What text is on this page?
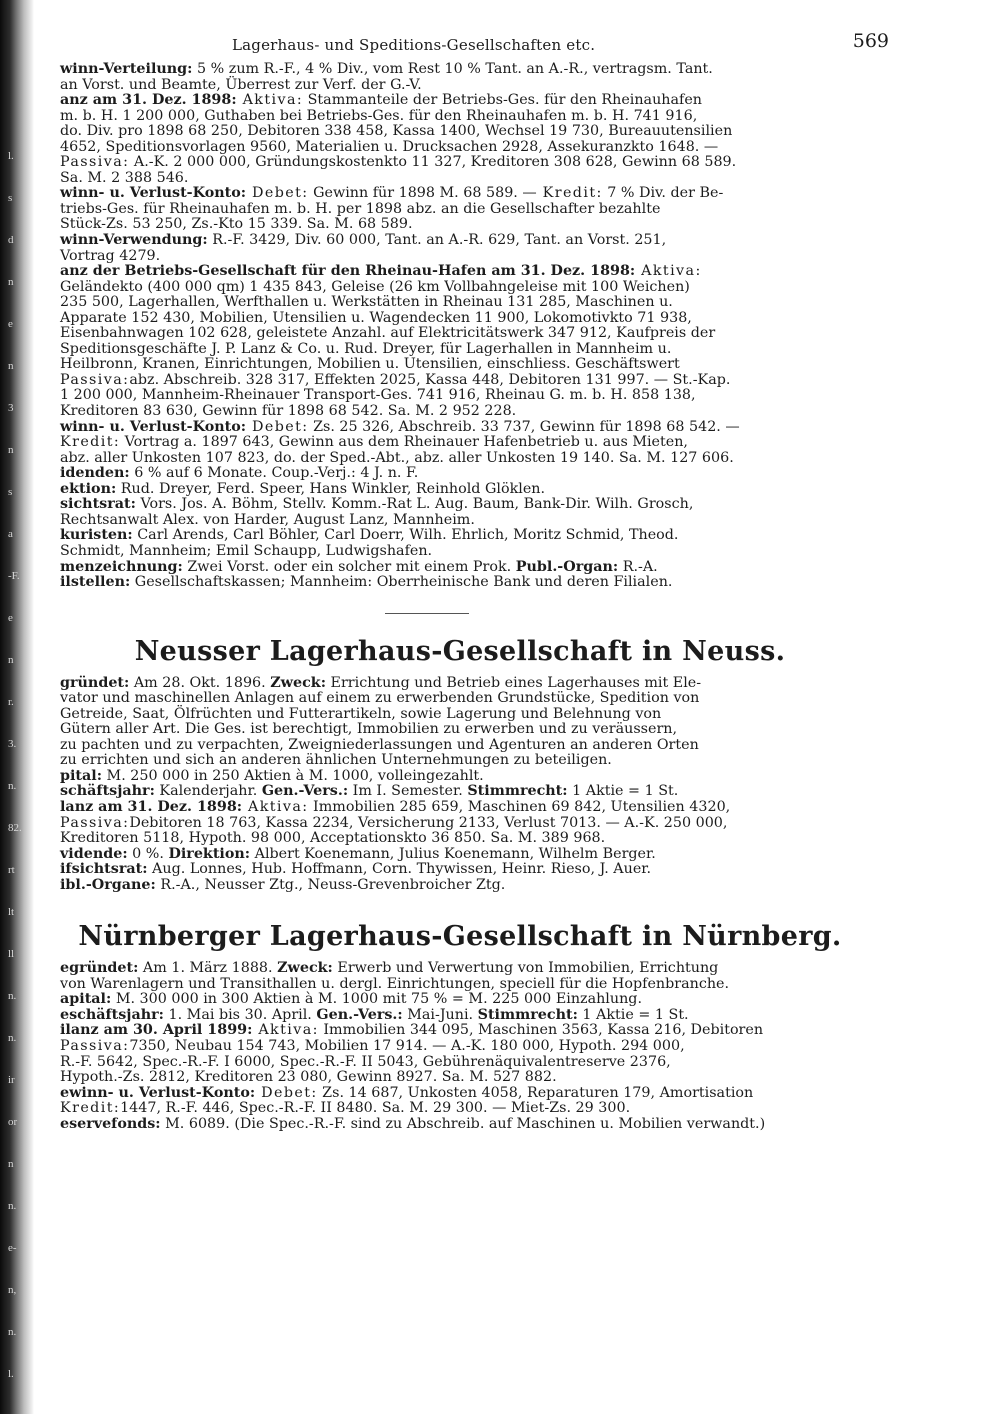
l.
s
d
n
e
n
3
n
s
a
-F.
e
n
r.
3.
n.
82.
rt
lt
ll
n.
n.
ir
or
n
n.
e-
n,
n.
l.
Lagerhaus- und Speditions-Gesellschaften etc.	569
winn-Verteilung: 5 % zum R.-F., 4 % Div., vom Rest 10 % Tant. an A.-R., vertragsm. Tant.
an Vorst. und Beamte, Überrest zur Verf. der G.-V.
anz am 31. Dez. 1898: Aktiva: Stammanteile der Betriebs-Ges. für den Rheinauhafen
m. b. H. 1 200 000, Guthaben bei Betriebs-Ges. für den Rheinauhafen m. b. H. 741 916,
do. Div. pro 1898 68 250, Debitoren 338 458, Kassa 1400, Wechsel 19 730, Bureauutensilien
4652, Speditionsvorlagen 9560, Materialien u. Drucksachen 2928, Assekuranzkto 1648. —
Passiva: A.-K. 2 000 000, Gründungskostenkto 11 327, Kreditoren 308 628, Gewinn 68 589.
Sa. M. 2 388 546.
winn- u. Verlust-Konto: Debet: Gewinn für 1898 M. 68 589. — Kredit: 7 % Div. der Be-
triebs-Ges. für Rheinauhafen m. b. H. per 1898 abz. an die Gesellschafter bezahlte
Stück-Zs. 53 250, Zs.-Kto 15 339. Sa. M. 68 589.
winn-Verwendung: R.-F. 3429, Div. 60 000, Tant. an A.-R. 629, Tant. an Vorst. 251,
Vortrag 4279.
anz der Betriebs-Gesellschaft für den Rheinau-Hafen am 31. Dez. 1898: Aktiva:
Geländekto (400 000 qm) 1 435 843, Geleise (26 km Vollbahngeleise mit 100 Weichen)
235 500, Lagerhallen, Werfthallen u. Werkstätten in Rheinau 131 285, Maschinen u.
Apparate 152 430, Mobilien, Utensilien u. Wagendecken 11 900, Lokomotivkto 71 938,
Eisenbahnwagen 102 628, geleistete Anzahl. auf Elektricitätswerk 347 912, Kaufpreis der
Speditionsgeschäfte J. P. Lanz & Co. u. Rud. Dreyer, für Lagerhallen in Mannheim u.
Heilbronn, Kranen, Einrichtungen, Mobilien u. Utensilien, einschliess. Geschäftswert
Passiva:abz. Abschreib. 328 317, Effekten 2025, Kassa 448, Debitoren 131 997. — St.-Kap.
1 200 000, Mannheim-Rheinauer Transport-Ges. 741 916, Rheinau G. m. b. H. 858 138,
Kreditoren 83 630, Gewinn für 1898 68 542. Sa. M. 2 952 228.
winn- u. Verlust-Konto: Debet: Zs. 25 326, Abschreib. 33 737, Gewinn für 1898 68 542. —
Kredit: Vortrag a. 1897 643, Gewinn aus dem Rheinauer Hafenbetrieb u. aus Mieten,
abz. aller Unkosten 107 823, do. der Sped.-Abt., abz. aller Unkosten 19 140. Sa. M. 127 606.
idenden: 6 % auf 6 Monate. Coup.-Verj.: 4 J. n. F.
ektion: Rud. Dreyer, Ferd. Speer, Hans Winkler, Reinhold Glöklen.
sichtsrat: Vors. Jos. A. Böhm, Stellv. Komm.-Rat L. Aug. Baum, Bank-Dir. Wilh. Grosch,
Rechtsanwalt Alex. von Harder, August Lanz, Mannheim.
kuristen: Carl Arends, Carl Böhler, Carl Doerr, Wilh. Ehrlich, Moritz Schmid, Theod.
Schmidt, Mannheim; Emil Schaupp, Ludwigshafen.
menzeichnung: Zwei Vorst. oder ein solcher mit einem Prok. Publ.-Organ: R.-A.
ilstellen: Gesellschaftskassen; Mannheim: Oberrheinische Bank und deren Filialen.
Neusser Lagerhaus-Gesellschaft in Neuss.
gründet: Am 28. Okt. 1896. Zweck: Errichtung und Betrieb eines Lagerhauses mit Ele-
vator und maschinellen Anlagen auf einem zu erwerbenden Grundstücke, Spedition von
Getreide, Saat, Ölfrüchten und Futterartikeln, sowie Lagerung und Belehnung von
Gütern aller Art. Die Ges. ist berechtigt, Immobilien zu erwerben und zu veräussern,
zu pachten und zu verpachten, Zweigniederlassungen und Agenturen an anderen Orten
zu errichten und sich an anderen ähnlichen Unternehmungen zu beteiligen.
pital: M. 250 000 in 250 Aktien à M. 1000, volleingezahlt.
schäftsjahr: Kalenderjahr. Gen.-Vers.: Im I. Semester. Stimmrecht: 1 Aktie = 1 St.
lanz am 31. Dez. 1898: Aktiva: Immobilien 285 659, Maschinen 69 842, Utensilien 4320,
Passiva:Debitoren 18 763, Kassa 2234, Versicherung 2133, Verlust 7013. — A.-K. 250 000,
Kreditoren 5118, Hypoth. 98 000, Acceptationskto 36 850. Sa. M. 389 968.
vidende: 0 %. Direktion: Albert Koenemann, Julius Koenemann, Wilhelm Berger.
ifsichtsrat: Aug. Lonnes, Hub. Hoffmann, Corn. Thywissen, Heinr. Rieso, J. Auer.
ibl.-Organe: R.-A., Neusser Ztg., Neuss-Grevenbroicher Ztg.
Nürnberger Lagerhaus-Gesellschaft in Nürnberg.
egründet: Am 1. März 1888. Zweck: Erwerb und Verwertung von Immobilien, Errichtung
von Warenlagern und Transithallen u. dergl. Einrichtungen, speciell für die Hopfenbranche.
apital: M. 300 000 in 300 Aktien à M. 1000 mit 75 % = M. 225 000 Einzahlung.
eschäftsjahr: 1. Mai bis 30. April. Gen.-Vers.: Mai-Juni. Stimmrecht: 1 Aktie = 1 St.
ilanz am 30. April 1899: Aktiva: Immobilien 344 095, Maschinen 3563, Kassa 216, Debitoren
Passiva:7350, Neubau 154 743, Mobilien 17 914. — A.-K. 180 000, Hypoth. 294 000,
R.-F. 5642, Spec.-R.-F. I 6000, Spec.-R.-F. II 5043, Gebührenäquivalentreserve 2376,
Hypoth.-Zs. 2812, Kreditoren 23 080, Gewinn 8927. Sa. M. 527 882.
ewinn- u. Verlust-Konto: Debet: Zs. 14 687, Unkosten 4058, Reparaturen 179, Amortisation
Kredit:1447, R.-F. 446, Spec.-R.-F. II 8480. Sa. M. 29 300. — Miet-Zs. 29 300.
eservefonds: M. 6089. (Die Spec.-R.-F. sind zu Abschreib. auf Maschinen u. Mobilien verwandt.)
